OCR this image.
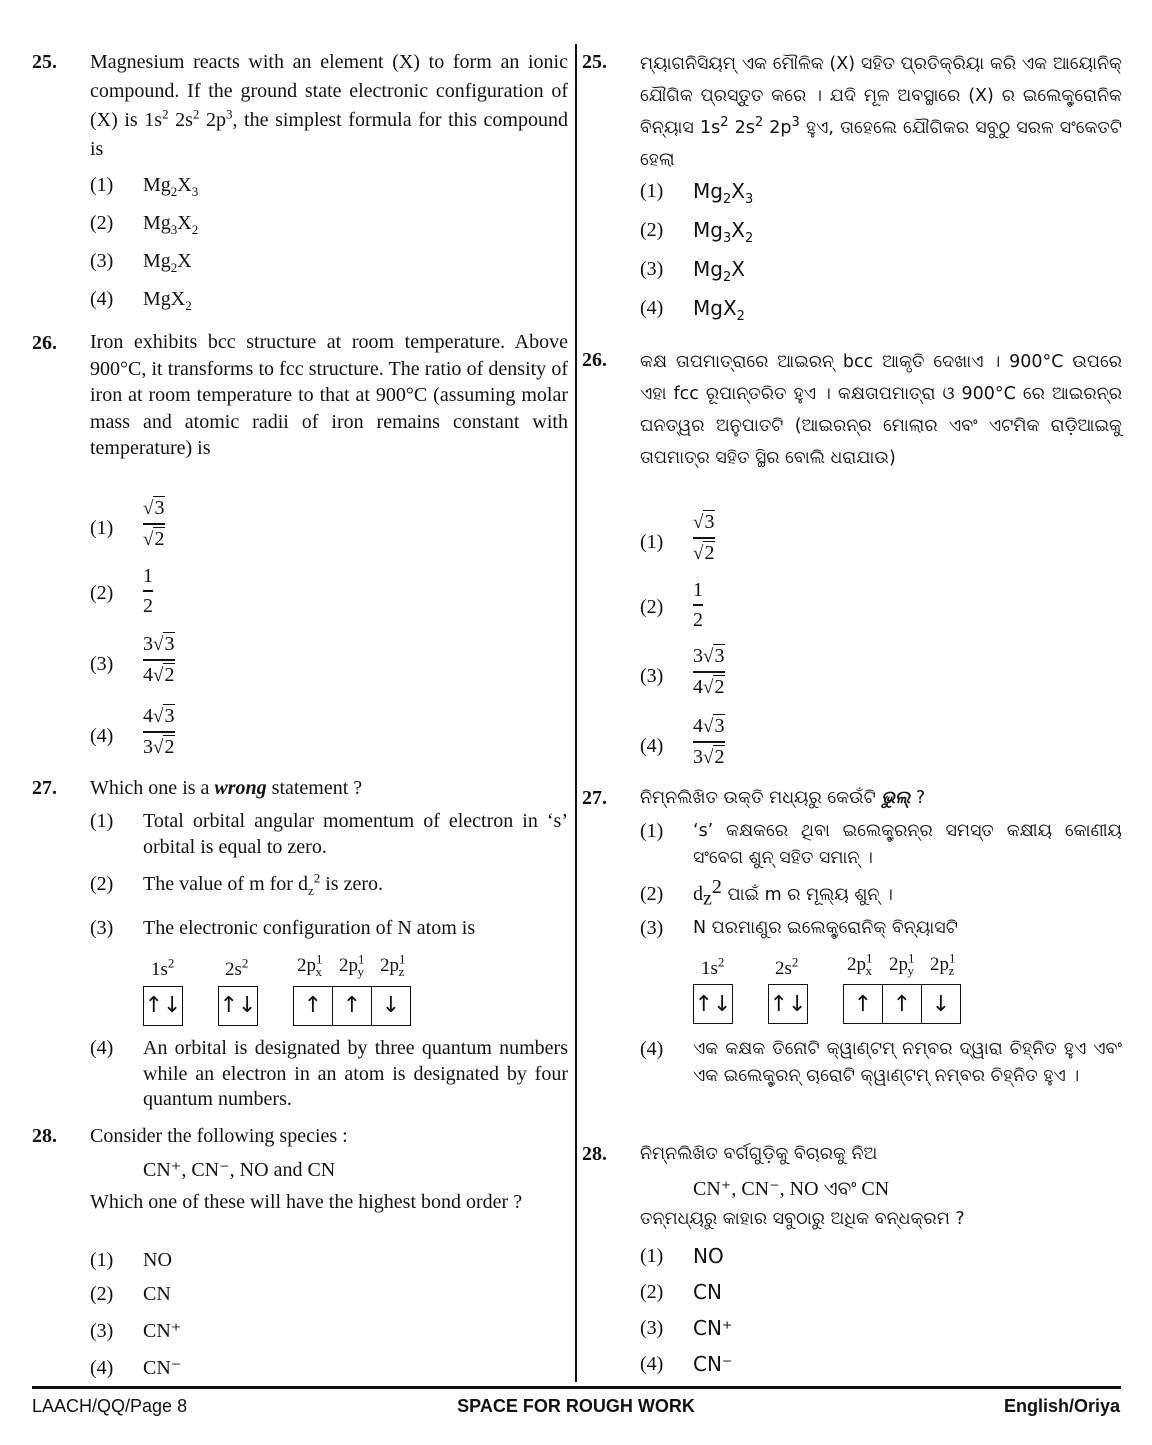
25. Magnesium reacts with an element (X) to form an ionic compound. If the ground state electronic configuration of (X) is $1s^2$ $2s^2$ $2p^3$, the simplest formula for this compound is
(1) $Mg_2X_3$
(2) $Mg_3X_2$
(3) $Mg_2X$
(4) MgX$_2$
26. Iron exhibits bcc structure at room temperature. Above 900°C, it transforms to fcc structure. The ratio of density of iron at room temperature to that at 900°C (assuming molar mass and atomic radii of iron remains constant with temperature) is
$(1) \frac{√3}{√2}$
$(2) \frac{1}{2}$
$(3) \frac{3√3}{4√2}$
$(4) \frac{4√3}{3√2}$
27. Which one is a wrong statement ?
(1) Total orbital angular momentum of electron in ‘s’ orbital is equal to zero.
(2) The value of m for $d_z^2$ is zero.
(3) The electronic configuration of N atom is
$1s^2$	$2s^2$	$2p^1_x$ $2p^1_y$ $2p^1_z$
↑↓ ↑↓	↑ ↑ ↓
(4) An orbital is designated by three quantum numbers while an electron in an atom is designated by four quantum numbers.
28. Consider the following species :
CN⁺, CN⁻, NO and CN
Which one of these will have the highest bond order ?
(1) NO
(2) CN
(3) CN⁺
(4) CN⁻
25. ମ୍ୟାଗନିସିୟମ୍ ଏକ ମୌଳିକ (X) ସହିତ ପ୍ରତିକ୍ରିୟା କରି ଏକ ଆୟୋନିକ୍ ଯୌଗିକ ପ୍ରସ୍ତୁତ କରେ । ଯଦି ମୂଳ ଅବସ୍ଥାରେ (X) ର ଇଲେକ୍ଟ୍ରୋନିକ ବିନ୍ୟାସ $1s^2$ $2s^2$ $2p^3$ ହୁଏ, ତାହେଲେ ଯୌଗିକର ସବୁଠୁ ସରଳ ସଂକେତଟି ହେଲା
(1) $Mg_2X_3$
(2) $Mg_3X_2$
(3) $Mg_2X$
(4) MgX$_2$
26. କକ୍ଷ ତାପମାତ୍ରାରେ ଆଇରନ୍ bcc ଆକୃତି ଦେଖାଏ । 900°C ଉପରେ ଏହା fcc ରୂପାନ୍ତରିତ ହୁଏ । କକ୍ଷତାପମାତ୍ରା ଓ 900°C ରେ ଆଇରନ୍‌ର ଘନତ୍ୱର ଅନୁପାତଟି (ଆଇରନ୍‌ର ମୋଲାର ଏବଂ ଏଟମିକ ରାଡ଼ିଆଇକୁ ତାପମାତ୍ର ସହିତ ସ୍ଥିର ବୋଲି ଧରାଯାଉ)
$(1) \frac{√3}{√2}$
$(2) \frac{1}{2}$
$(3) \frac{3√3}{4√2}$
$(4) \frac{4√3}{3√2}$
27. ନିମ୍ନଲିଖିତ ଉକ୍ତି ମଧ୍ୟରୁ କେଉଁଟି ଭୁଲ୍ ?
(1) ‘s’ କକ୍ଷକରେ ଥିବା ଇଲେକ୍ଟ୍ରନ୍‌ର ସମସ୍ତ କକ୍ଷୀୟ କୋଣୀୟ ସଂବେଗ ଶୁନ୍ ସହିତ ସମାନ୍ ।
(2) $d_z^2$ ପାଇଁ m ର ମୂଲ୍ୟ ଶୁନ୍ ।
(3) N ପରମାଣୁର ଇଲେକ୍ଟ୍ରୋନିକ୍ ବିନ୍ୟାସଟି
$1s^2$	$2s^2$	$2p^1_x$ $2p^1_y$ $2p^1_z$
↑↓ ↑↓	↑ ↑ ↓
(4) ଏକ କକ୍ଷକ ତିନୋଟି କ୍ୱାଣ୍ଟମ୍ ନମ୍ବର ଦ୍ୱାରା ଚିହ୍ନିତ ହୁଏ ଏବଂ ଏକ ଇଲେକ୍ଟ୍ରନ୍ ଚାରୋଟି କ୍ୱାଣ୍ଟମ୍ ନମ୍ବର ଚିହ୍ନିତ ହୁଏ ।
28. ନିମ୍ନଲିଖିତ ବର୍ଗଗୁଡ଼ିକୁ ବିଚାରକୁ ନିଅ
CN⁺, CN⁻, NO ଏବଂ CN
ତନ୍ମଧ୍ୟରୁ କାହାର ସବୁଠାରୁ ଅଧିକ ବନ୍ଧକ୍ରମ ?
(1) NO
(2) CN
(3) CN⁺
(4) CN⁻
LAACH/QQ/Page 8	SPACE FOR ROUGH WORK	English/Oriya
